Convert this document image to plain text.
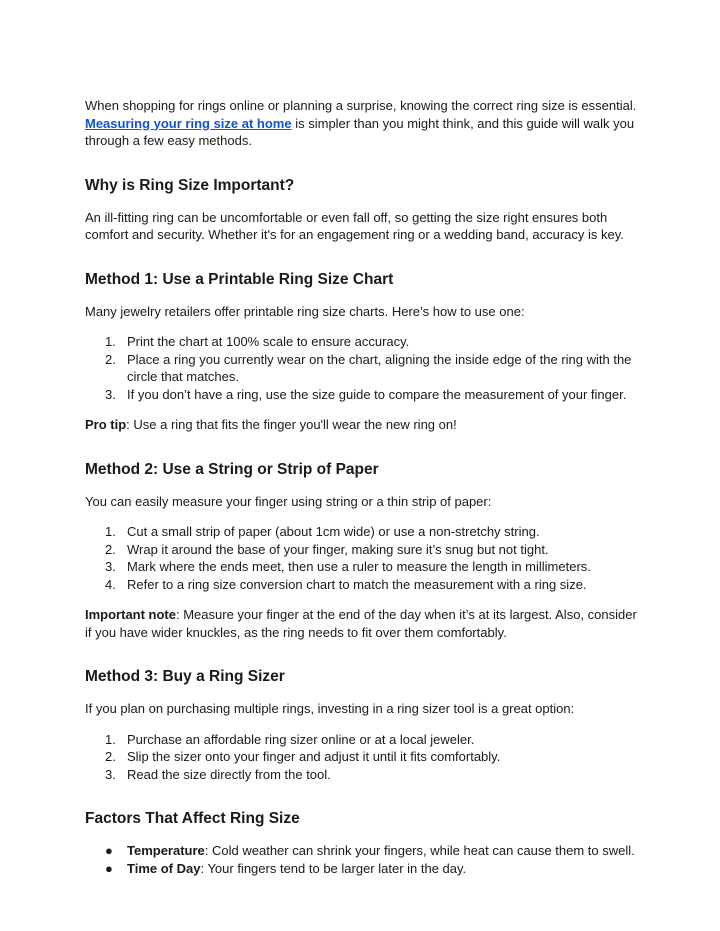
When shopping for rings online or planning a surprise, knowing the correct ring size is essential. Measuring your ring size at home is simpler than you might think, and this guide will walk you through a few easy methods.

Why is Ring Size Important?

An ill-fitting ring can be uncomfortable or even fall off, so getting the size right ensures both comfort and security. Whether it's for an engagement ring or a wedding band, accuracy is key.

Method 1: Use a Printable Ring Size Chart

Many jewelry retailers offer printable ring size charts. Here’s how to use one:

1. Print the chart at 100% scale to ensure accuracy.
2. Place a ring you currently wear on the chart, aligning the inside edge of the ring with the circle that matches.
3. If you don’t have a ring, use the size guide to compare the measurement of your finger.

Pro tip: Use a ring that fits the finger you'll wear the new ring on!

Method 2: Use a String or Strip of Paper

You can easily measure your finger using string or a thin strip of paper:

1. Cut a small strip of paper (about 1cm wide) or use a non-stretchy string.
2. Wrap it around the base of your finger, making sure it’s snug but not tight.
3. Mark where the ends meet, then use a ruler to measure the length in millimeters.
4. Refer to a ring size conversion chart to match the measurement with a ring size.

Important note: Measure your finger at the end of the day when it’s at its largest. Also, consider if you have wider knuckles, as the ring needs to fit over them comfortably.

Method 3: Buy a Ring Sizer

If you plan on purchasing multiple rings, investing in a ring sizer tool is a great option:

1. Purchase an affordable ring sizer online or at a local jeweler.
2. Slip the sizer onto your finger and adjust it until it fits comfortably.
3. Read the size directly from the tool.
Factors That Affect Ring Size
● Temperature: Cold weather can shrink your fingers, while heat can cause them to swell.
● Time of Day: Your fingers tend to be larger later in the day.
